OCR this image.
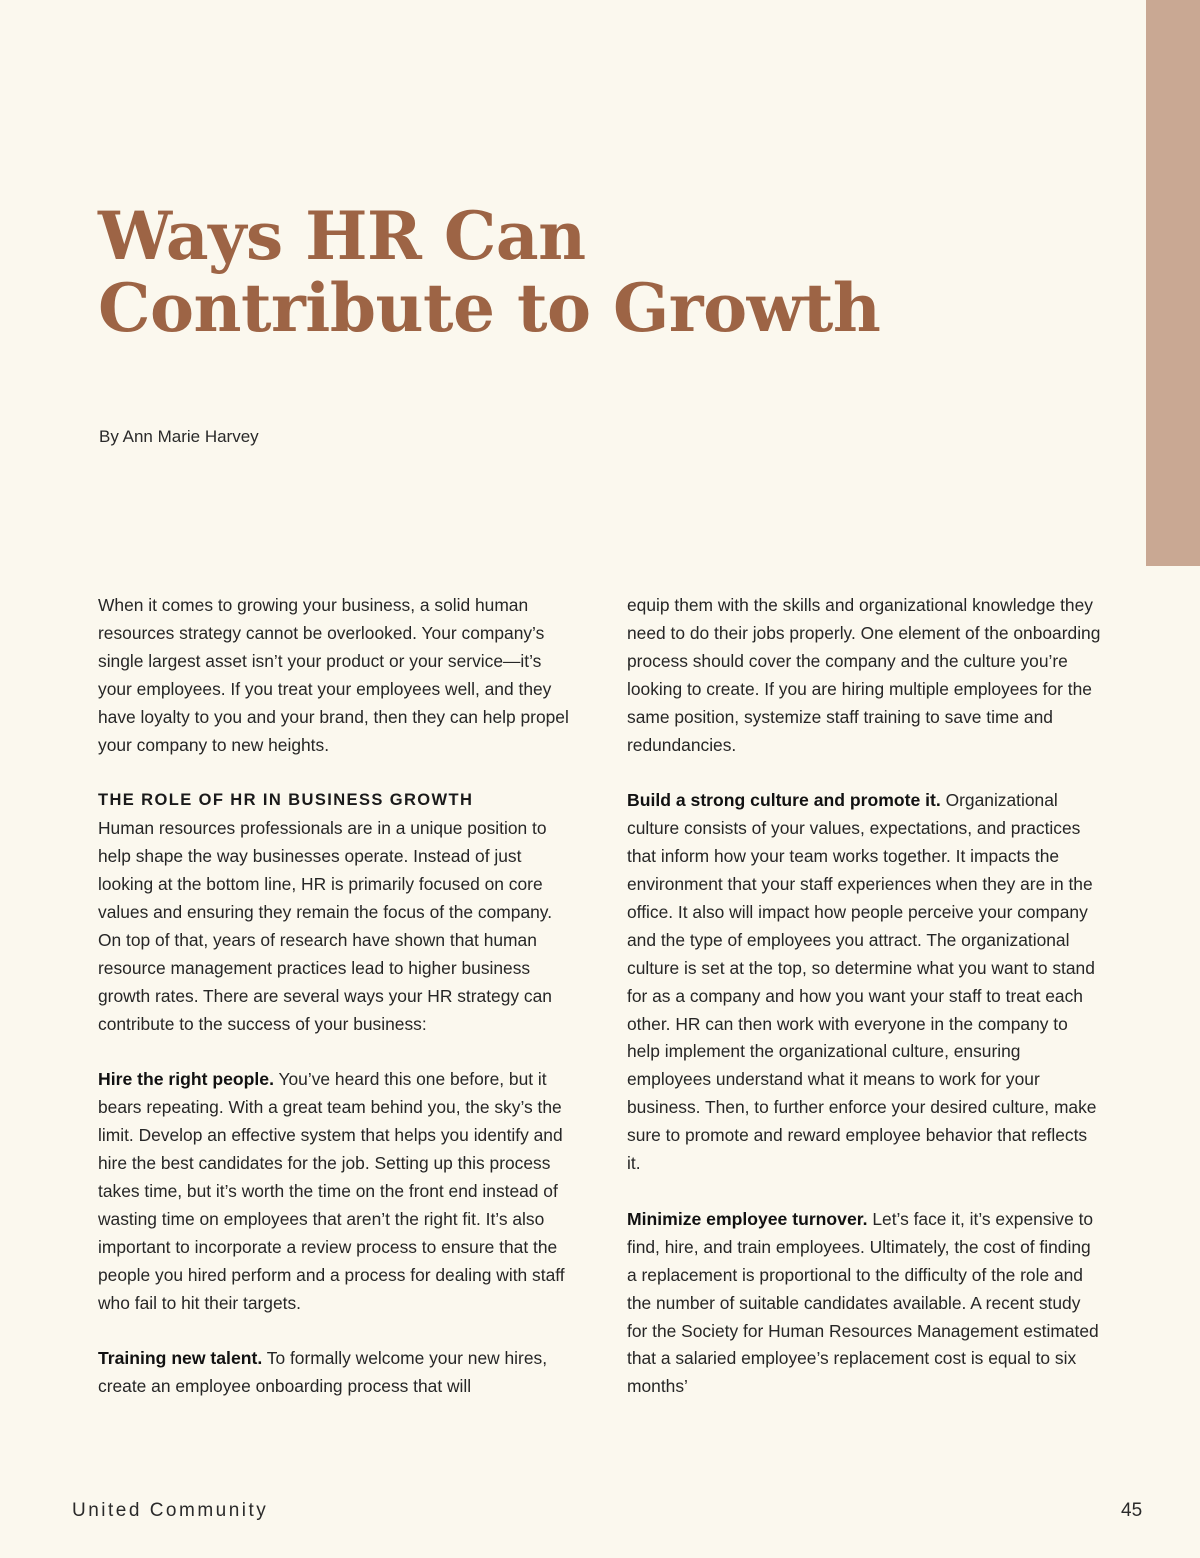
Ways HR Can
Contribute to Growth
By Ann Marie Harvey

When it comes to growing your business, a solid human resources strategy cannot be overlooked. Your company’s single largest asset isn’t your product or your service—it’s your employees. If you treat your employees well, and they have loyalty to you and your brand, then they can help propel your company to new heights.

THE ROLE OF HR IN BUSINESS GROWTH
Human resources professionals are in a unique position to help shape the way businesses operate. Instead of just looking at the bottom line, HR is primarily focused on core values and ensuring they remain the focus of the company. On top of that, years of research have shown that human resource management practices lead to higher business growth rates. There are several ways your HR strategy can contribute to the success of your business:

Hire the right people. You’ve heard this one before, but it bears repeating. With a great team behind you, the sky’s the limit. Develop an effective system that helps you identify and hire the best candidates for the job. Setting up this process takes time, but it’s worth the time on the front end instead of wasting time on employees that aren’t the right fit. It’s also important to incorporate a review process to ensure that the people you hired perform and a process for dealing with staff who fail to hit their targets.

Training new talent. To formally welcome your new hires, create an employee onboarding process that will

equip them with the skills and organizational knowledge they need to do their jobs properly. One element of the onboarding process should cover the company and the culture you’re looking to create. If you are hiring multiple employees for the same position, systemize staff training to save time and redundancies.

Build a strong culture and promote it. Organizational culture consists of your values, expectations, and practices that inform how your team works together. It impacts the environment that your staff experiences when they are in the office. It also will impact how people perceive your company and the type of employees you attract. The organizational culture is set at the top, so determine what you want to stand for as a company and how you want your staff to treat each other. HR can then work with everyone in the company to help implement the organizational culture, ensuring employees understand what it means to work for your business. Then, to further enforce your desired culture, make sure to promote and reward employee behavior that reflects it.

Minimize employee turnover. Let’s face it, it’s expensive to find, hire, and train employees. Ultimately, the cost of finding a replacement is proportional to the difficulty of the role and the number of suitable candidates available. A recent study for the Society for Human Resources Management estimated that a salaried employee’s replacement cost is equal to six months’

United Community	45
